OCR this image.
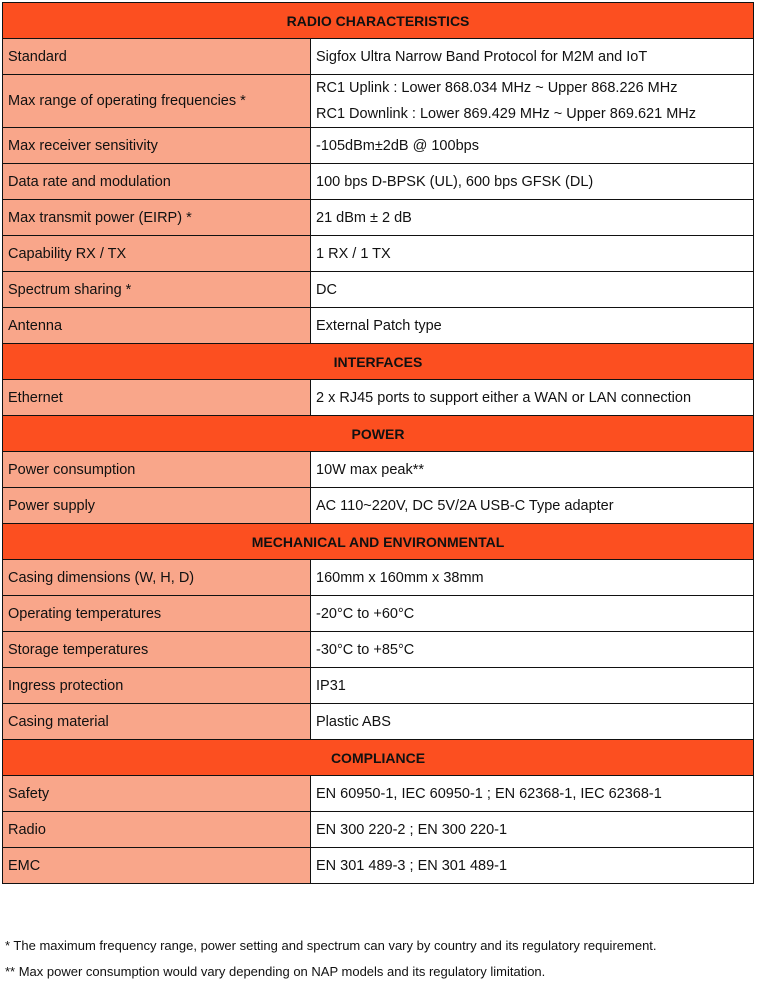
RADIO CHARACTERISTICS	
Standard	Sigfox Ultra Narrow Band Protocol for M2M and IoT

Max range of operating frequencies *	RC1 Uplink : Lower 868.034 MHz ~ Upper 868.226 MHz
RC1 Downlink : Lower 869.429 MHz ~ Upper 869.621 MHz

Max receiver sensitivity	-105dBm±2dB @ 100bps

Data rate and modulation	100 bps D-BPSK (UL), 600 bps GFSK (DL)

Max transmit power (EIRP) *	21 dBm ± 2 dB

Capability RX / TX	1 RX / 1 TX

Spectrum sharing *	DC

Antenna	External Patch type

INTERFACES	
Ethernet	2 x RJ45 ports to support either a WAN or LAN connection

POWER	
Power consumption	10W max peak**

Power supply	AC 110~220V, DC 5V/2A USB-C Type adapter

MECHANICAL AND ENVIRONMENTAL	
Casing dimensions (W, H, D)	160mm x 160mm x 38mm

Operating temperatures	-20°C to +60°C

Storage temperatures	-30°C to +85°C

Ingress protection	IP31

Casing material	Plastic ABS

COMPLIANCE	
Safety	EN 60950-1, IEC 60950-1 ; EN 62368-1, IEC 62368-1

Radio	EN 300 220-2 ; EN 300 220-1

EMC	EN 301 489-3 ; EN 301 489-1
* The maximum frequency range, power setting and spectrum can vary by country and its regulatory requirement.
** Max power consumption would vary depending on NAP models and its regulatory limitation.
